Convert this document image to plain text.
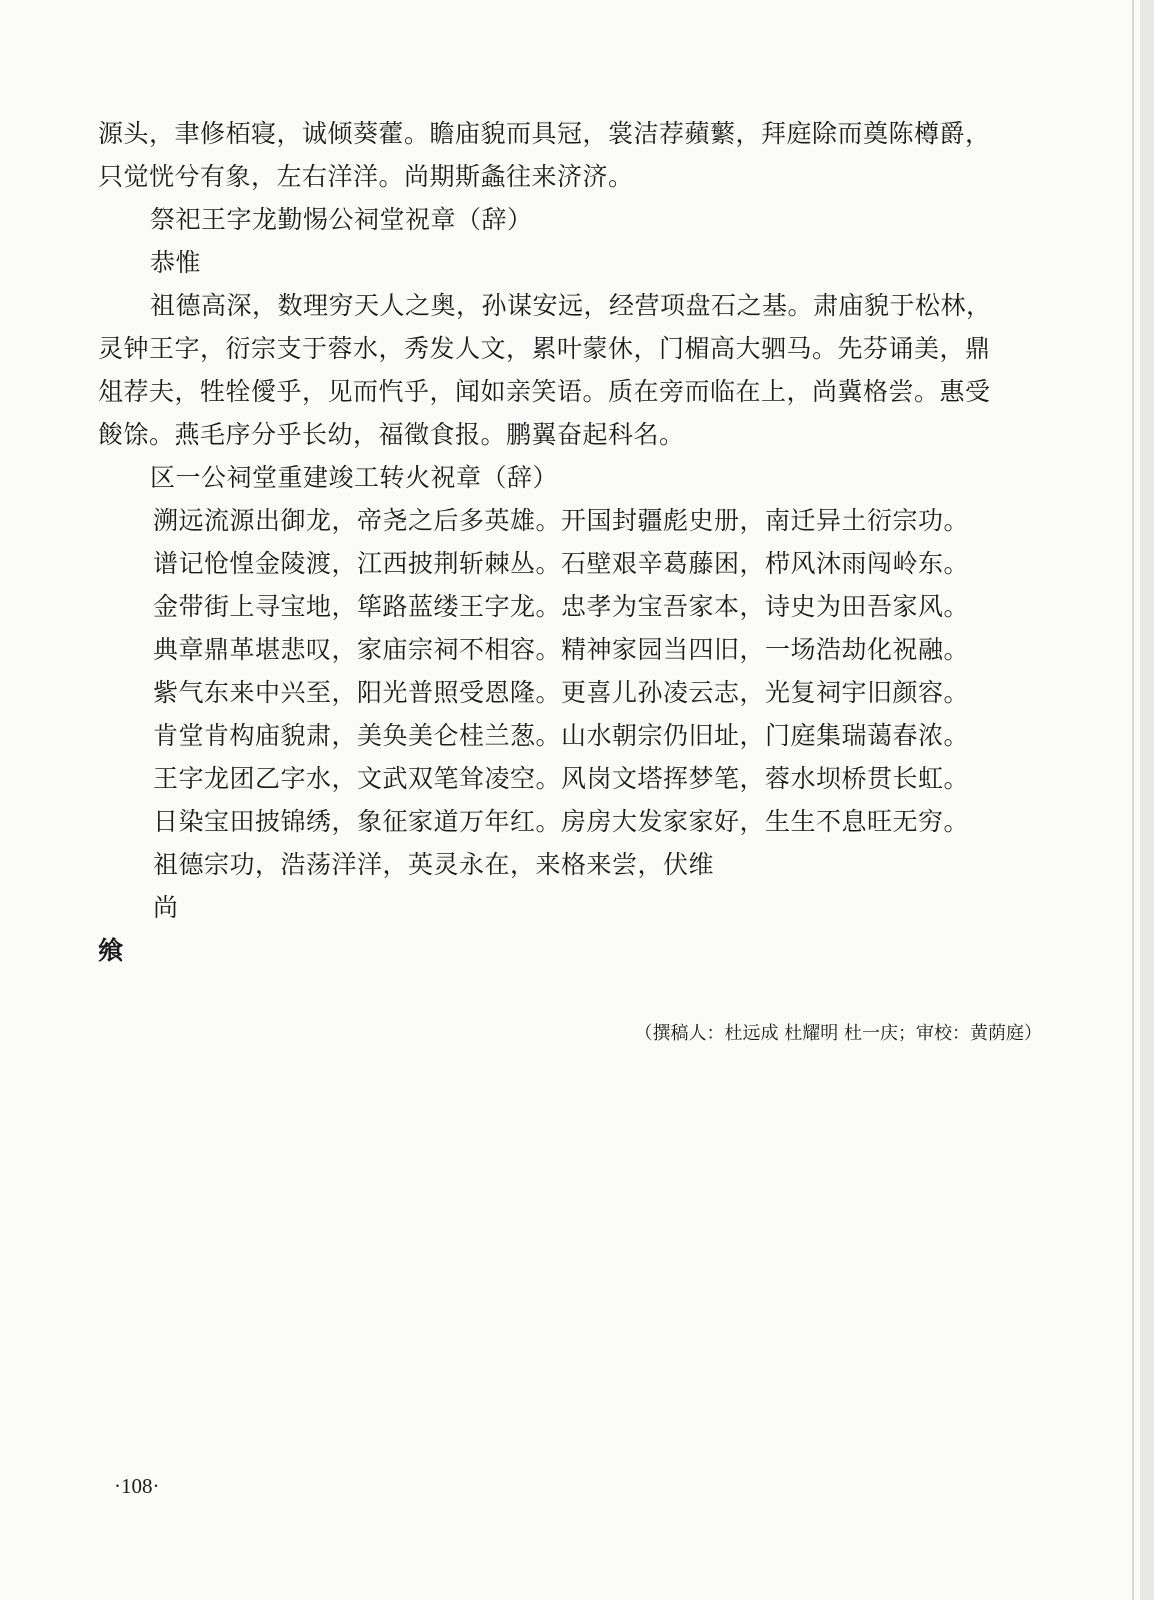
源头，聿修栢寝，诚倾葵藿。瞻庙貌而具冠，裳洁荐蘋蘩，拜庭除而奠陈樽爵，
只觉恍兮有象，左右洋洋。尚期斯螽往来济济。
祭祀王字龙勤惕公祠堂祝章（辞）
恭惟
祖德高深，数理穷天人之奥，孙谋安远，经营项盘石之基。肃庙貌于松林，
灵钟王字，衍宗支于蓉水，秀发人文，累叶蒙休，门楣高大驷马。先芬诵美，鼎
俎荐夫，牲牷僾乎，见而忾乎，闻如亲笑语。质在旁而临在上，尚冀格尝。惠受
餕馀。燕毛序分乎长幼，福徵食报。鹏翼奋起科名。
区一公祠堂重建竣工转火祝章（辞）
溯远流源出御龙，帝尧之后多英雄。开国封疆彪史册，南迁异土衍宗功。
谱记怆惶金陵渡，江西披荆斩棘丛。石壁艰辛葛藤困，栉风沐雨闯岭东。
金带街上寻宝地，筚路蓝缕王字龙。忠孝为宝吾家本，诗史为田吾家风。
典章鼎革堪悲叹，家庙宗祠不相容。精神家园当四旧，一场浩劫化祝融。
紫气东来中兴至，阳光普照受恩隆。更喜儿孙凌云志，光复祠宇旧颜容。
肯堂肯构庙貌肃，美奂美仑桂兰葱。山水朝宗仍旧址，门庭集瑞蔼春浓。
王字龙团乙字水，文武双笔耸凌空。风岗文塔挥梦笔，蓉水坝桥贯长虹。
日染宝田披锦绣，象征家道万年红。房房大发家家好，生生不息旺无穷。
祖德宗功，浩荡洋洋，英灵永在，来格来尝，伏维
尚
飨
（撰稿人：杜远成 杜耀明 杜一庆；审校：黄荫庭）
·108·
